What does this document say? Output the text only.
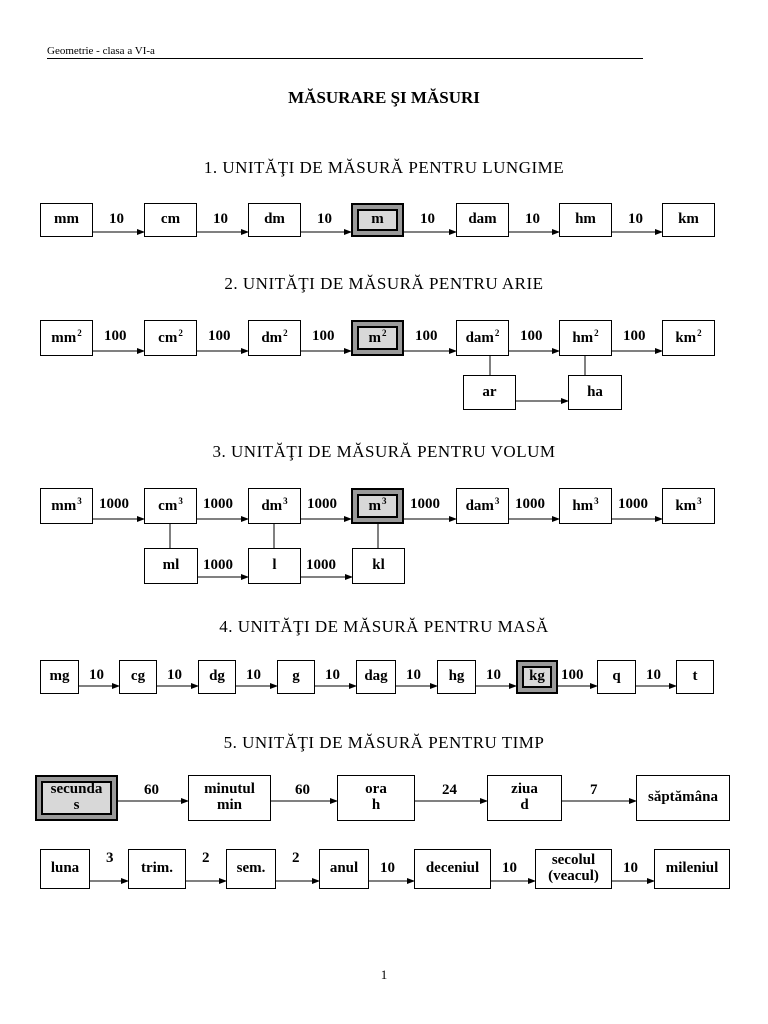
Geometrie - clasa a VI-a
MĂSURARE ŞI MĂSURI
1. UNITĂŢI DE MĂSURĂ PENTRU LUNGIME
2. UNITĂŢI DE MĂSURĂ PENTRU ARIE
3. UNITĂŢI DE MĂSURĂ PENTRU VOLUM
4. UNITĂŢI DE MĂSURĂ PENTRU MASĂ
5. UNITĂŢI DE MĂSURĂ PENTRU TIMP
mm	cm	dm	m	dam	hm	km
10	10	10	10	10	10
$mm^2$	$cm^2$	$dm^2$	$m^2$	dam$^2$	$hm^2$	$km^2$
100	100	100	100	100	100
$mm^3$	$cm^3$	$dm^3$	$m^3$	dam$^3$	$hm^3$	$km^3$
1000	1000	1000	1000	1000	1000
ar	ha
ml	l	kl
1000	1000
mg	cg	dg	g	dag	hg	kg	q	t
10	10	10	10	10	10	100	10
secunda
s
minutul
min
ora
h
ziua
d	săptămâna
60	60	24	7
luna	trim.	sem.	anul	deceniul	secolul
(veacul)	mileniul
3	2	2
10	10	10
1
